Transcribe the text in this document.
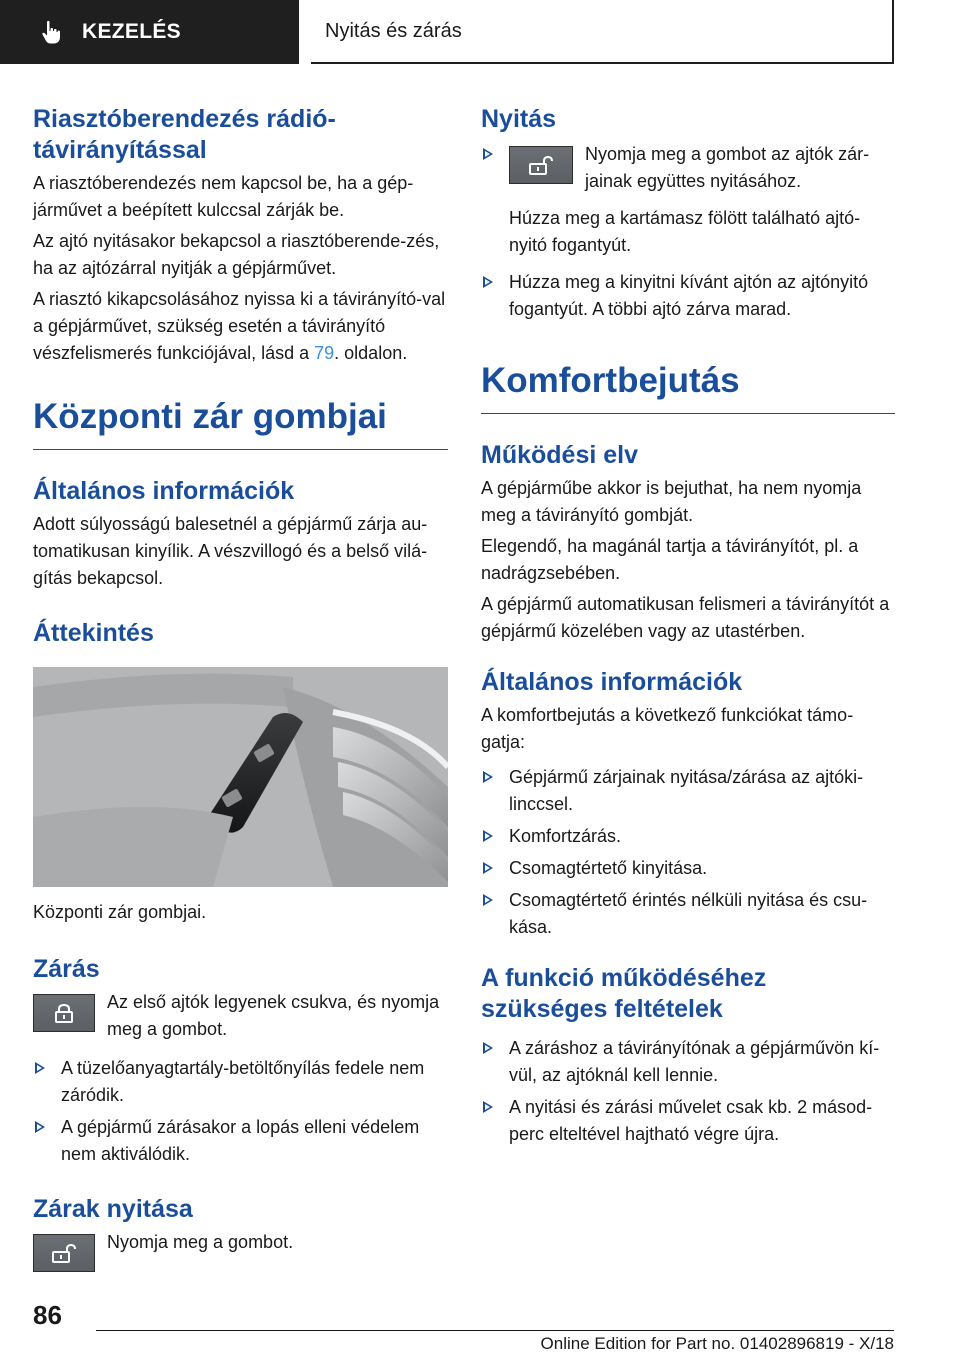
KEZELÉS	Nyitás és zárás
Riasztóberendezés rádió-távirányítással

A riasztóberendezés nem kapcsol be, ha a gép-járművet a beépített kulccsal zárják be.

Az ajtó nyitásakor bekapcsol a riasztóberende-zés, ha az ajtózárral nyitják a gépjárművet.

A riasztó kikapcsolásához nyissa ki a távirányító-val a gépjárművet, szükség esetén a távirányító vészfelismerés funkciójával, lásd a 79. oldalon.

Központi zár gombjai
Általános információk

Adott súlyosságú balesetnél a gépjármű zárja au-tomatikusan kinyílik. A vészvillogó és a belső vilá-gítás bekapcsol.

Áttekintés

Központi zár gombjai.

Zárás
Az első ajtók legyenek csukva, és nyomja meg a gombot.
A tüzelőanyagtartály-betöltőnyílás fedele nem záródik.
A gépjármű zárásakor a lopás elleni védelem nem aktiválódik.
Zárak nyitása
Nyomja meg a gombot.
Nyitás
Nyomja meg a gombot az ajtók zár-jainak együttes nyitásához.
Húzza meg a kartámasz fölött található ajtó-nyitó fogantyút.
Húzza meg a kinyitni kívánt ajtón az ajtónyitó fogantyút. A többi ajtó zárva marad.
Komfortbejutás
Működési elv

A gépjárműbe akkor is bejuthat, ha nem nyomja meg a távirányító gombját.

Elegendő, ha magánál tartja a távirányítót, pl. a nadrágzsebében.

A gépjármű automatikusan felismeri a távirányítót a gépjármű közelében vagy az utastérben.

Általános információk

A komfortbejutás a következő funkciókat támo-gatja:

Gépjármű zárjainak nyitása/zárása az ajtóki-linccsel.
Komfortzárás.
Csomagtértető kinyitása.
Csomagtértető érintés nélküli nyitása és csu-kása.
A funkció működéséhez szükséges feltételek
A záráshoz a távirányítónak a gépjárművön kí-vül, az ajtóknál kell lennie.
A nyitási és zárási művelet csak kb. 2 másod-perc elteltével hajtható végre újra.
86
Online Edition for Part no. 01402896819 - X/18
